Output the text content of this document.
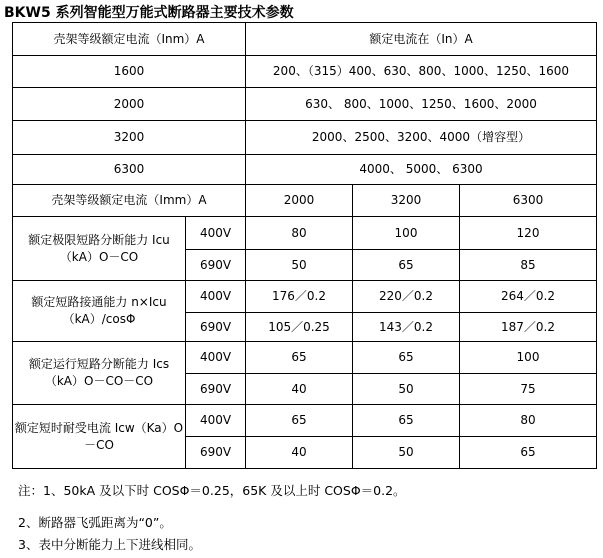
BKW5 系列智能型万能式断路器主要技术参数
壳架等级额定电流（Inm）A		额定电流在（In）A		
1600		200、（315）400、630、800、1000、1250、1600		
2000		630、 800、1000、1250、1600、2000		
3200		2000、2500、3200、4000（增容型）		
6300		4000、 5000、 6300		
壳架等级额定电流（Imm）A		2000	3200	6300
额定极限短路分断能力 Icu（kA）O－CO	400V	80	100	120
	690V	50	65	85
额定短路接通能力 n×Icu（kA）/cosΦ	400V	176／0.2	220／0.2	264／0.2
	690V	105／0.25	143／0.2	187／0.2
额定运行短路分断能力 Ics（kA）O－CO－CO	400V	65	65	100
	690V	40	50	75
额定短时耐受电流 Icw（Ka）O－CO	400V	65	65	80
	690V	40	50	65
注：1、50kA 及以下时 COSΦ＝0.25，65K 及以上时 COSΦ＝0.2。
2、断路器飞弧距离为“0”。
3、表中分断能力上下进线相同。
